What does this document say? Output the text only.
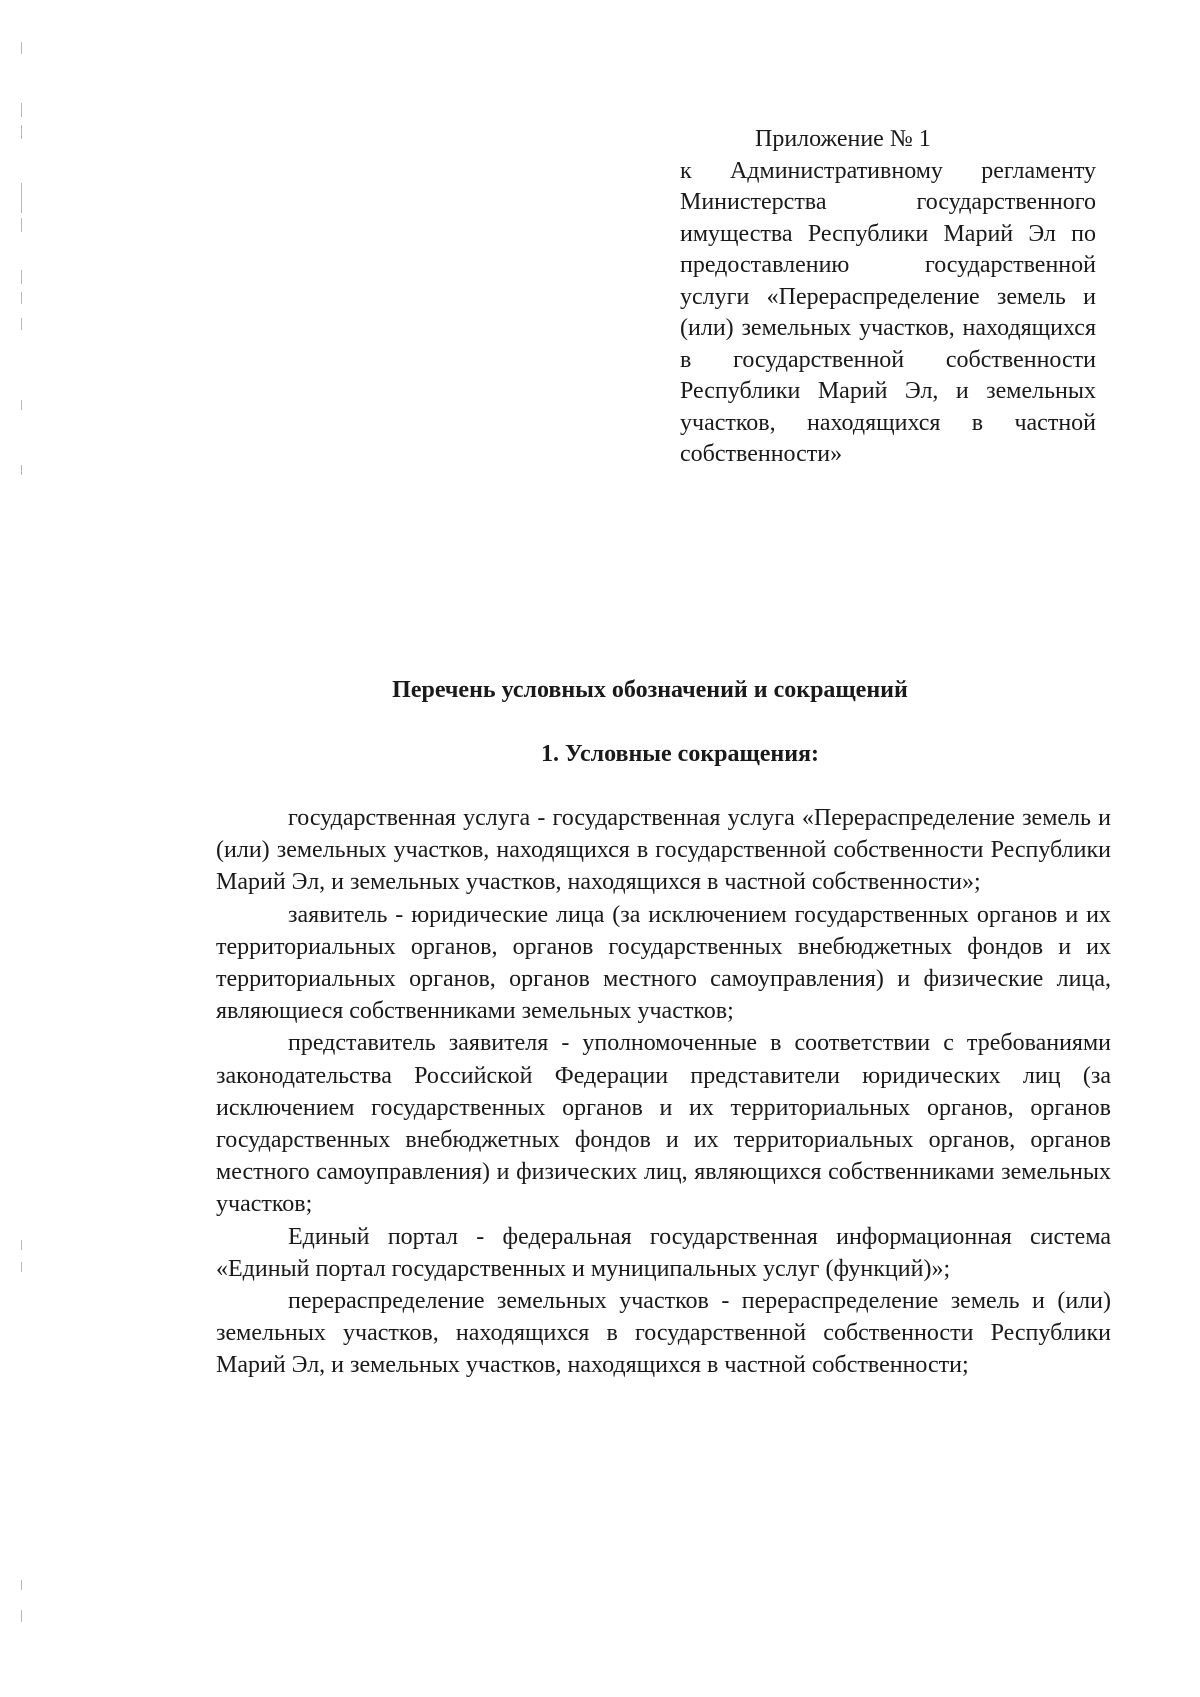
Приложение № 1

к Административному регламенту Министерства государственного имущества Республики Марий Эл по предоставлению государственной услуги «Перераспределение земель и (или) земельных участков, находящихся в государственной собственности Республики Марий Эл, и земельных участков, находящихся в частной собственности»

Перечень условных обозначений и сокращений
1. Условные сокращения:

государственная услуга - государственная услуга «Перераспределение земель и (или) земельных участков, находящихся в государственной собственности Республики Марий Эл, и земельных участков, находящихся в частной собственности»;

заявитель - юридические лица (за исключением государственных органов и их территориальных органов, органов государственных внебюджетных фондов и их территориальных органов, органов местного самоуправления) и физические лица, являющиеся собственниками земельных участков;

представитель заявителя - уполномоченные в соответствии с требованиями законодательства Российской Федерации представители юридических лиц (за исключением государственных органов и их территориальных органов, органов государственных внебюджетных фондов и их территориальных органов, органов местного самоуправления) и физических лиц, являющихся собственниками земельных участков;

Единый портал - федеральная государственная информационная система «Единый портал государственных и муниципальных услуг (функций)»;

перераспределение земельных участков - перераспределение земель и (или) земельных участков, находящихся в государственной собственности Республики Марий Эл, и земельных участков, находящихся в частной собственности;
